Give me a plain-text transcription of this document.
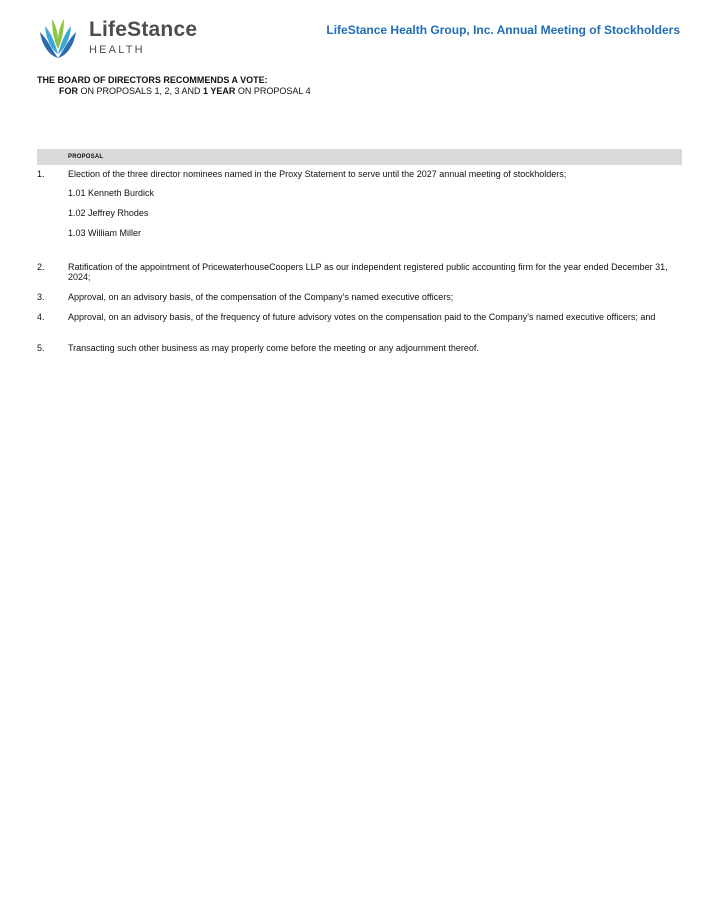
LifeStance
HEALTH
LifeStance Health Group, Inc. Annual Meeting of Stockholders
THE BOARD OF DIRECTORS RECOMMENDS A VOTE:
FOR ON PROPOSALS 1, 2, 3 AND 1 YEAR ON PROPOSAL 4
PROPOSAL
1.	Election of the three director nominees named in the Proxy Statement to serve until the 2027 annual meeting of stockholders;
1.01 Kenneth Burdick
1.02 Jeffrey Rhodes
1.03 William Miller
2.	Ratification of the appointment of PricewaterhouseCoopers LLP as our independent registered public accounting firm for the year ended December 31, 2024;
3.	Approval, on an advisory basis, of the compensation of the Company's named executive officers;
4.	Approval, on an advisory basis, of the frequency of future advisory votes on the compensation paid to the Company's named executive officers; and
5.	Transacting such other business as may properly come before the meeting or any adjournment thereof.
